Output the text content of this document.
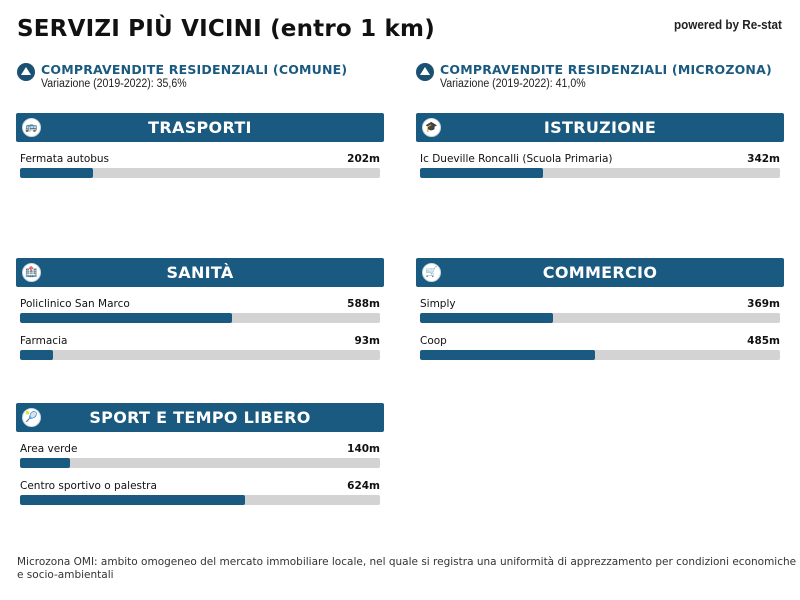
SERVIZI PIÙ VICINI (entro 1 km)	powered by Re-stat
COMPRAVENDITE RESIDENZIALI (COMUNE)
Variazione (2019-2022): 35,6%
COMPRAVENDITE RESIDENZIALI (MICROZONA)
Variazione (2019-2022): 41,0%
🚌	TRASPORTI
Fermata autobus	202m
🎓	ISTRUZIONE
Ic Dueville Roncalli (Scuola Primaria)	342m
🏥	SANITÀ
Policlinico San Marco	588m
Farmacia	93m
🛒	COMMERCIO
Simply	369m
Coop	485m
🎾	SPORT E TEMPO LIBERO
Area verde	140m
Centro sportivo o palestra	624m
Microzona OMI: ambito omogeneo del mercato immobiliare locale, nel quale si registra una uniformità di apprezzamento per condizioni economiche e socio-ambientali
